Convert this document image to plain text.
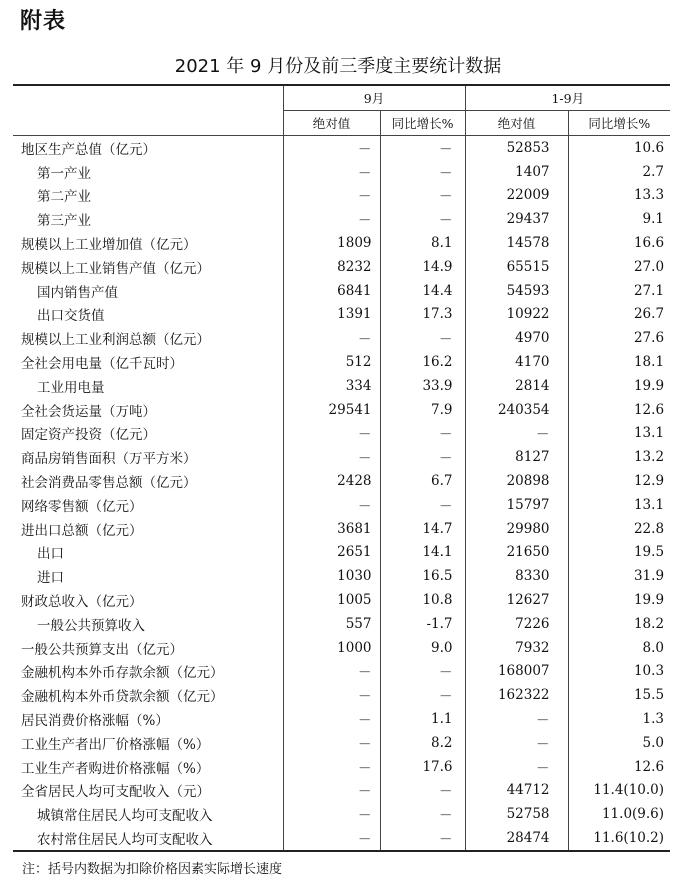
附表
2021 年 9 月份及前三季度主要统计数据
	9月		1-9月	
	绝对值	同比增长%	绝对值	同比增长%
地区生产总值（亿元）	－	－	52853	10.6
第一产业	－	－	1407	2.7
第二产业	－	－	22009	13.3
第三产业	－	－	29437	9.1
规模以上工业增加值（亿元）	1809	8.1	14578	16.6
规模以上工业销售产值（亿元）	8232	14.9	65515	27.0
国内销售产值	6841	14.4	54593	27.1
出口交货值	1391	17.3	10922	26.7
规模以上工业利润总额（亿元）	－	－	4970	27.6
全社会用电量（亿千瓦时）	512	16.2	4170	18.1
工业用电量	334	33.9	2814	19.9
全社会货运量（万吨）	29541	7.9	240354	12.6
固定资产投资（亿元）	－	－	－	13.1
商品房销售面积（万平方米）	－	－	8127	13.2
社会消费品零售总额（亿元）	2428	6.7	20898	12.9
网络零售额（亿元）	－	－	15797	13.1
进出口总额（亿元）	3681	14.7	29980	22.8
出口	2651	14.1	21650	19.5
进口	1030	16.5	8330	31.9
财政总收入（亿元）	1005	10.8	12627	19.9
一般公共预算收入	557	-1.7	7226	18.2
一般公共预算支出（亿元）	1000	9.0	7932	8.0
金融机构本外币存款余额（亿元）	－	－	168007	10.3
金融机构本外币贷款余额（亿元）	－	－	162322	15.5
居民消费价格涨幅（%）	－	1.1	－	1.3
工业生产者出厂价格涨幅（%）	－	8.2	－	5.0
工业生产者购进价格涨幅（%）	－	17.6	－	12.6
全省居民人均可支配收入（元）	－	－	44712	11.4(10.0)
城镇常住居民人均可支配收入	－	－	52758	11.0(9.6)
农村常住居民人均可支配收入	－	－	28474	11.6(10.2)
注：括号内数据为扣除价格因素实际增长速度
